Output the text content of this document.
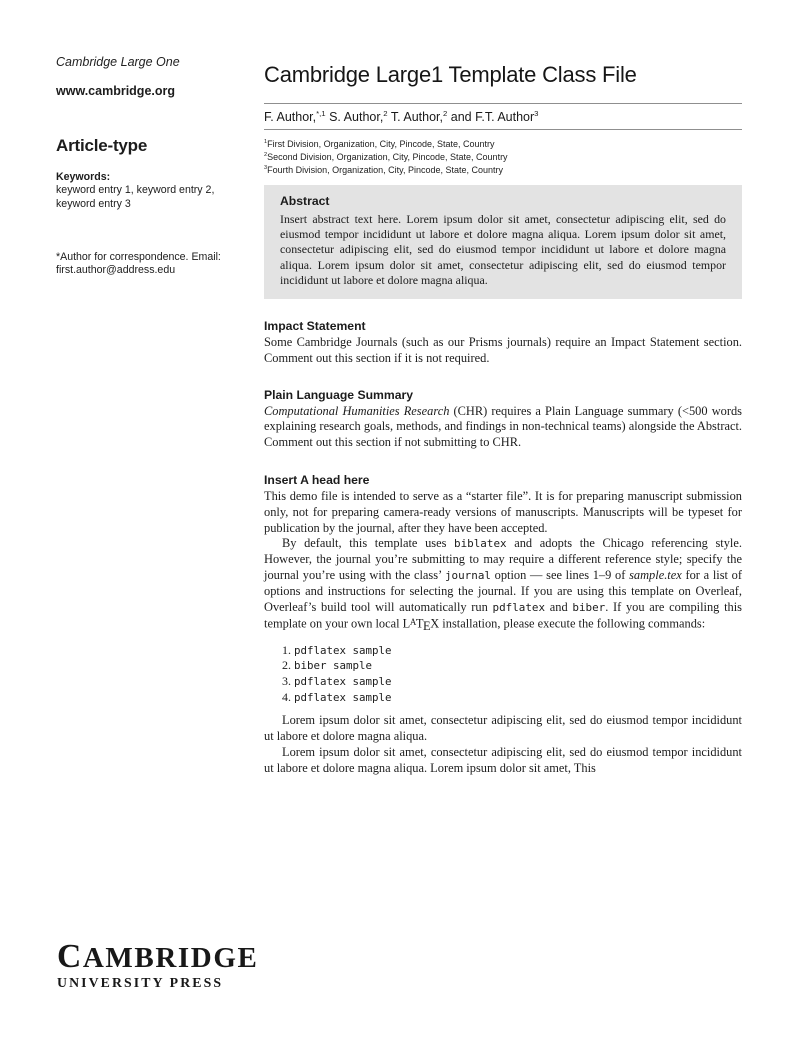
Cambridge Large One
www.cambridge.org
Article-type
Keywords:
keyword entry 1, keyword entry 2, keyword entry 3
*Author for correspondence. Email:
first.author@address.edu
Cambridge Large1 Template Class File
F. Author,$^{*,1}$ S. Author,$^2$ T. Author,$^2$ and F.T. Author$^3$
$^1$First Division, Organization, City, Pincode, State, Country
$^2$Second Division, Organization, City, Pincode, State, Country
$^3$Fourth Division, Organization, City, Pincode, State, Country
Abstract
Insert abstract text here. Lorem ipsum dolor sit amet, consectetur adipiscing elit, sed do eiusmod tempor incididunt ut labore et dolore magna aliqua. Lorem ipsum dolor sit amet, consectetur adipiscing elit, sed do eiusmod tempor incididunt ut labore et dolore magna aliqua. Lorem ipsum dolor sit amet, consectetur adipiscing elit, sed do eiusmod tempor incididunt ut labore et dolore magna aliqua.
Impact Statement
Some Cambridge Journals (such as our Prisms journals) require an Impact Statement section. Comment out this section if it is not required.
Plain Language Summary
Computational Humanities Research (CHR) requires a Plain Language summary (<500 words explaining research goals, methods, and findings in non-technical teams) alongside the Abstract. Comment out this section if not submitting to CHR.
Insert A head here
This demo file is intended to serve as a “starter file”. It is for preparing manuscript submission only, not for preparing camera-ready versions of manuscripts. Manuscripts will be typeset for publication by the journal, after they have been accepted.
By default, this template uses biblatex and adopts the Chicago referencing style. However, the journal you’re submitting to may require a different reference style; specify the journal you’re using with the class’ journal option — see lines 1–9 of sample.tex for a list of options and instructions for selecting the journal. If you are using this template on Overleaf, Overleaf’s build tool will automatically run pdflatex and biber. If you are compiling this template on your own local $L^ATEX$ installation, please execute the following commands:
1. pdflatex sample
2. biber sample
3. pdflatex sample
4. pdflatex sample
Lorem ipsum dolor sit amet, consectetur adipiscing elit, sed do eiusmod tempor incididunt ut labore et dolore magna aliqua.
Lorem ipsum dolor sit amet, consectetur adipiscing elit, sed do eiusmod tempor incididunt ut labore et dolore magna aliqua. Lorem ipsum dolor sit amet, This
CAMBRIDGE
UNIVERSITY PRESS
